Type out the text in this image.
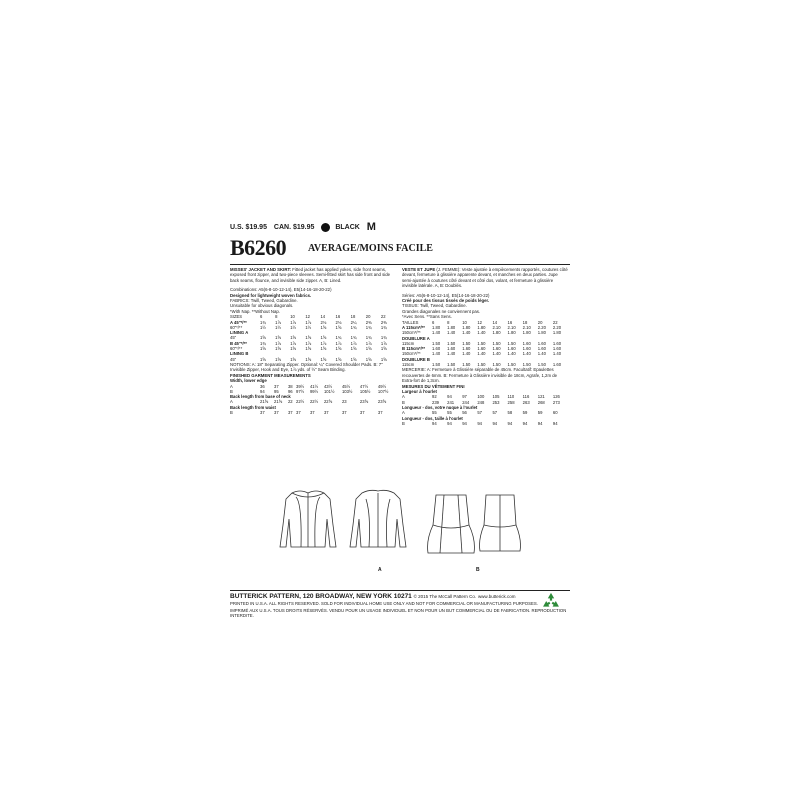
U.S. $19.95 CAN. $19.95	BLACK M
B6260 AVERAGE/MOINS FACILE

MISSES' JACKET AND SKIRT: Fitted jacket has applied yokes, side front seams, exposed front zipper, and two-piece sleeves. Semi-fitted skirt has side front and side back seams, flounce, and invisible side zipper. A, B: Lined.

Combinations: A5(6-8-10-12-14), E5(14-16-18-20-22)

Designed for lightweight woven fabrics.

FABRICS: Twill, Tweed, Gabardine.

Unsuitable for obvious diagonals.

*With Nap. **Without Nap.

SIZES	6	8	10	12	14	16	18	20	22
A 45"*/**	1¾	1⅞	1⅞	1⅞	2⅛	2⅛	2¼	2⅜	2⅜
60"*/**	1½	1½	1½	1½	1⅝	1⅝	1¾	1¾	1¾
LINING A									
45"	1⅝	1⅝	1⅝	1⅝	1⅝	1¾	1¾	1¾	1¾
B 45"*/**	1¾	1⅞	1⅞	1⅞	1⅞	1⅞	1⅞	1⅞	1⅞
60"*/**	1⅝	1⅝	1⅝	1⅝	1⅝	1⅝	1⅝	1⅝	1⅝
LINING B									
45"	1⅝	1⅝	1⅝	1⅝	1⅝	1⅝	1⅝	1⅝	1⅝

NOTIONS: A: 18" Separating Zipper. Optional: ¼" Covered Shoulder Pads. B: 7" Invisible Zipper, Hook and Eye, 1⅞ yds. of ½" Seam Binding.

FINISHED GARMENT MEASUREMENTS

Width, lower edge

A	36	37	38	39½	41½	43½	45½	47½	49½
B	94	95	96	97½	99½	101½	103½	105½	107½
Back length from base of neck									
A	21⅝	21⅝	22	22½	22½	22⅝	23	23⅝	23⅝
Back length from waist									
B	37	37	37	37	37	37	37	37	37

VESTE ET JUPE (J. FEMME): Veste ajustée à empiècements rapportés, coutures côté devant, fermeture à glissière apparente devant, et manches en deux parties. Jupe semi-ajustée à coutures côté devant et côté dos, volant, et fermeture à glissière invisible latérale. A, B: Doublés.

Séries: A5(6-8-10-12-14), E5(14-16-18-20-22)

Créé pour des tissus tissés de poids léger.

TISSUS: Twill, Tweed, Gabardine.

Grandes diagonales ne conviennent pas.

*Avec Sens. **Sans Sens.

TAILLES	6	8	10	12	14	16	18	20	22
A 115cm*/**	1.80	1.80	1.80	1.80	2.10	2.10	2.10	2.20	2.20
150cm*/**	1.40	1.40	1.40	1.40	1.80	1.80	1.80	1.80	1.80
DOUBLURE A									
115cm	1.50	1.50	1.50	1.50	1.50	1.50	1.60	1.60	1.60
B 115cm*/**	1.60	1.60	1.60	1.60	1.60	1.60	1.60	1.60	1.60
150cm*/**	1.40	1.40	1.40	1.40	1.40	1.40	1.40	1.40	1.40
DOUBLURE B									
115cm	1.50	1.50	1.50	1.50	1.50	1.50	1.50	1.50	1.60

MERCERIE: A: Fermeture à Glissière séparable de 45cm. Facultatif: Epaulettes recouvertes de 6mm. B: Fermeture à Glissière invisible de 18cm, Agrafe, 1,2m de Extra-fort de 1,3cm.

MESURES DU VÊTEMENT FINI

Largeur à l'ourlet

A	92	94	97	100	105	110	116	121	126
B	239	241	244	248	253	258	263	268	273
Longueur - dos, votre nuque à l'ourlet									
A	55	55	56	57	57	58	59	59	60
Longueur - dos, taille à l'ourlet									
B	94	94	94	94	94	94	94	94	94
A	B
BUTTERICK PATTERN, 120 BROADWAY, NEW YORK 10271 © 2015 The McCall Pattern Co. www.butterick.com
PRINTED IN U.S.A. ALL RIGHTS RESERVED. SOLD FOR INDIVIDUAL HOME USE ONLY AND NOT FOR COMMERCIAL OR MANUFACTURING PURPOSES.
IMPRIMÉ AUX U.S.A. TOUS DROITS RÉSERVÉS. VENDU POUR UN USAGE INDIVIDUEL ET NON POUR UN BUT COMMERCIAL OU DE FABRICATION. REPRODUCTION INTERDITE.
